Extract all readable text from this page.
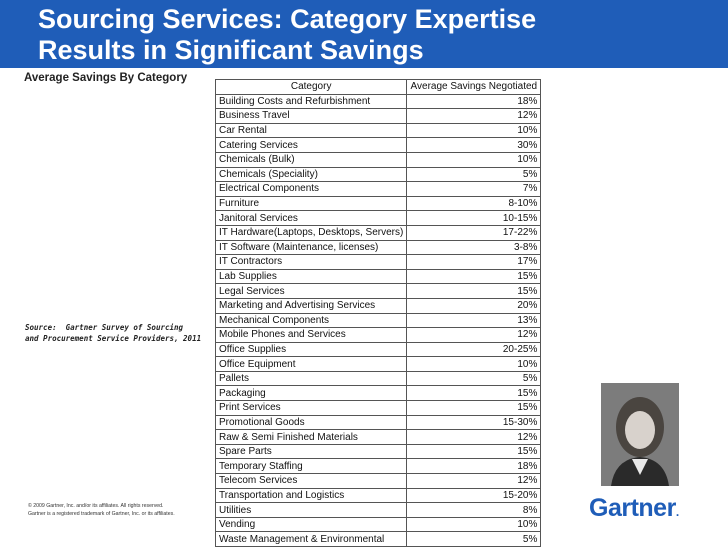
Sourcing Services: Category Expertise
Results in Significant Savings
Average Savings By Category
Source:  Gartner Survey of Sourcing
and Procurement Service Providers, 2011
© 2009 Gartner, Inc. and/or its affiliates. All rights reserved.
Gartner is a registered trademark of Gartner, Inc. or its affiliates.
Category	Average Savings Negotiated
Building Costs and Refurbishment	18%
Business Travel	12%
Car Rental	10%
Catering Services	30%
Chemicals (Bulk)	10%
Chemicals (Speciality)	5%
Electrical Components	7%
Furniture	8-10%
Janitoral Services	10-15%
IT Hardware(Laptops, Desktops, Servers)	17-22%
IT Software (Maintenance, licenses)	3-8%
IT Contractors	17%
Lab Supplies	15%
Legal Services	15%
Marketing and Advertising Services	20%
Mechanical Components	13%
Mobile Phones and Services	12%
Office Supplies	20-25%
Office Equipment	10%
Pallets	5%
Packaging	15%
Print Services	15%
Promotional Goods	15-30%
Raw & Semi Finished Materials	12%
Spare Parts	15%
Temporary Staffing	18%
Telecom Services	12%
Transportation and Logistics	15-20%
Utilities	8%
Vending	10%
Waste Management & Environmental	5%
Gartner.
